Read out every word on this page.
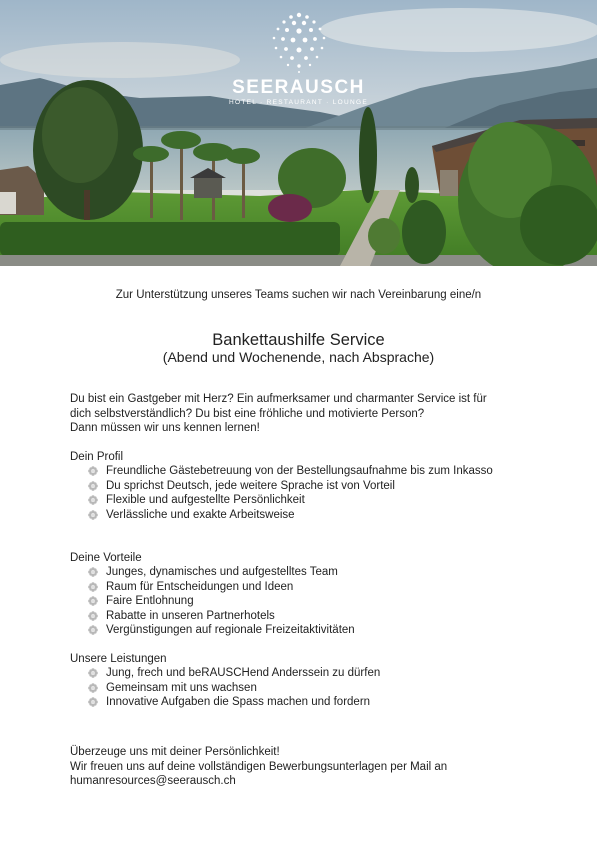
SEERAUSCH
HOTEL · RESTAURANT · LOUNGE
Zur Unterstützung unseres Teams suchen wir nach Vereinbarung eine/n
Bankettaushilfe Service
(Abend und Wochenende, nach Absprache)
Du bist ein Gastgeber mit Herz? Ein aufmerksamer und charmanter Service ist für
dich selbstverständlich? Du bist eine fröhliche und motivierte Person?
Dann müssen wir uns kennen lernen!
Dein Profil
Freundliche Gästebetreuung von der Bestellungsaufnahme bis zum Inkasso
Du sprichst Deutsch, jede weitere Sprache ist von Vorteil
Flexible und aufgestellte Persönlichkeit
Verlässliche und exakte Arbeitsweise
Deine Vorteile
Junges, dynamisches und aufgestelltes Team
Raum für Entscheidungen und Ideen
Faire Entlohnung
Rabatte in unseren Partnerhotels
Vergünstigungen auf regionale Freizeitaktivitäten
Unsere Leistungen
Jung, frech und beRAUSCHend Anderssein zu dürfen
Gemeinsam mit uns wachsen
Innovative Aufgaben die Spass machen und fordern
Überzeuge uns mit deiner Persönlichkeit!
Wir freuen uns auf deine vollständigen Bewerbungsunterlagen per Mail an
humanresources@seerausch.ch
